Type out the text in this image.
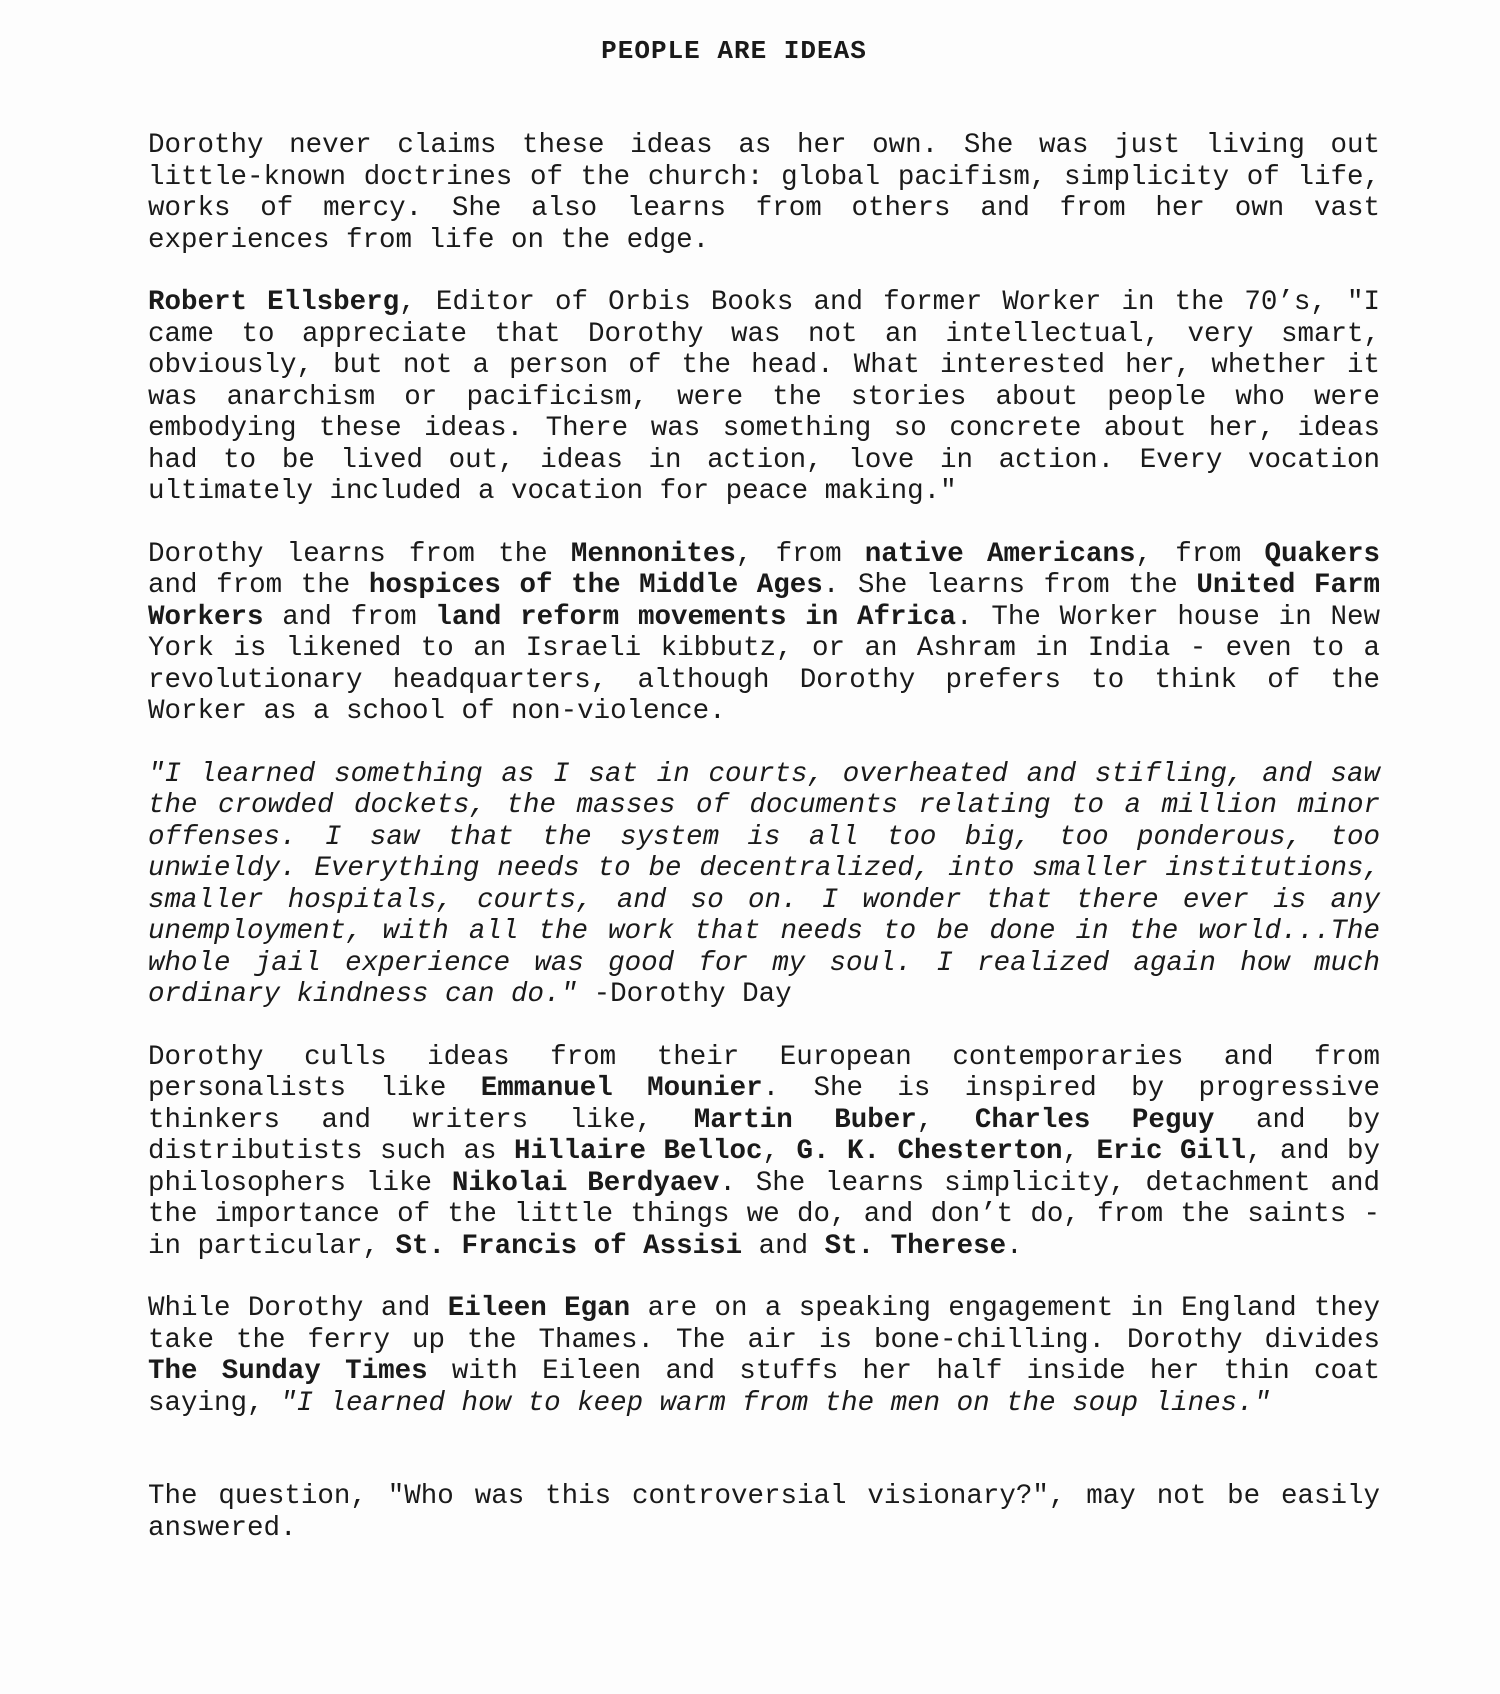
PEOPLE ARE IDEAS

Dorothy never claims these ideas as her own. She was just living out little-known doctrines of the church: global pacifism, simplicity of life, works of mercy. She also learns from others and from her own vast experiences from life on the edge.

Robert Ellsberg, Editor of Orbis Books and former Worker in the 70’s, "I came to appreciate that Dorothy was not an intellectual, very smart, obviously, but not a person of the head. What interested her, whether it was anarchism or pacificism, were the stories about people who were embodying these ideas. There was something so concrete about her, ideas had to be lived out, ideas in action, love in action. Every vocation ultimately included a vocation for peace making."

Dorothy learns from the Mennonites, from native Americans, from Quakers and from the hospices of the Middle Ages. She learns from the United Farm Workers and from land reform movements in Africa. The Worker house in New York is likened to an Israeli kibbutz, or an Ashram in India - even to a revolutionary headquarters, although Dorothy prefers to think of the Worker as a school of non-violence.

"I learned something as I sat in courts, overheated and stifling, and saw the crowded dockets, the masses of documents relating to a million minor offenses. I saw that the system is all too big, too ponderous, too unwieldy. Everything needs to be decentralized, into smaller institutions, smaller hospitals, courts, and so on. I wonder that there ever is any unemployment, with all the work that needs to be done in the world...The whole jail experience was good for my soul. I realized again how much ordinary kindness can do." -Dorothy Day

Dorothy culls ideas from their European contemporaries and from personalists like Emmanuel Mounier. She is inspired by progressive thinkers and writers like, Martin Buber, Charles Peguy and by distributists such as Hillaire Belloc, G. K. Chesterton, Eric Gill, and by philosophers like Nikolai Berdyaev. She learns simplicity, detachment and the importance of the little things we do, and don’t do, from the saints - in particular, St. Francis of Assisi and St. Therese.

While Dorothy and Eileen Egan are on a speaking engagement in England they take the ferry up the Thames. The air is bone-chilling. Dorothy divides The Sunday Times with Eileen and stuffs her half inside her thin coat saying, "I learned how to keep warm from the men on the soup lines."

The question, "Who was this controversial visionary?", may not be easily answered.
